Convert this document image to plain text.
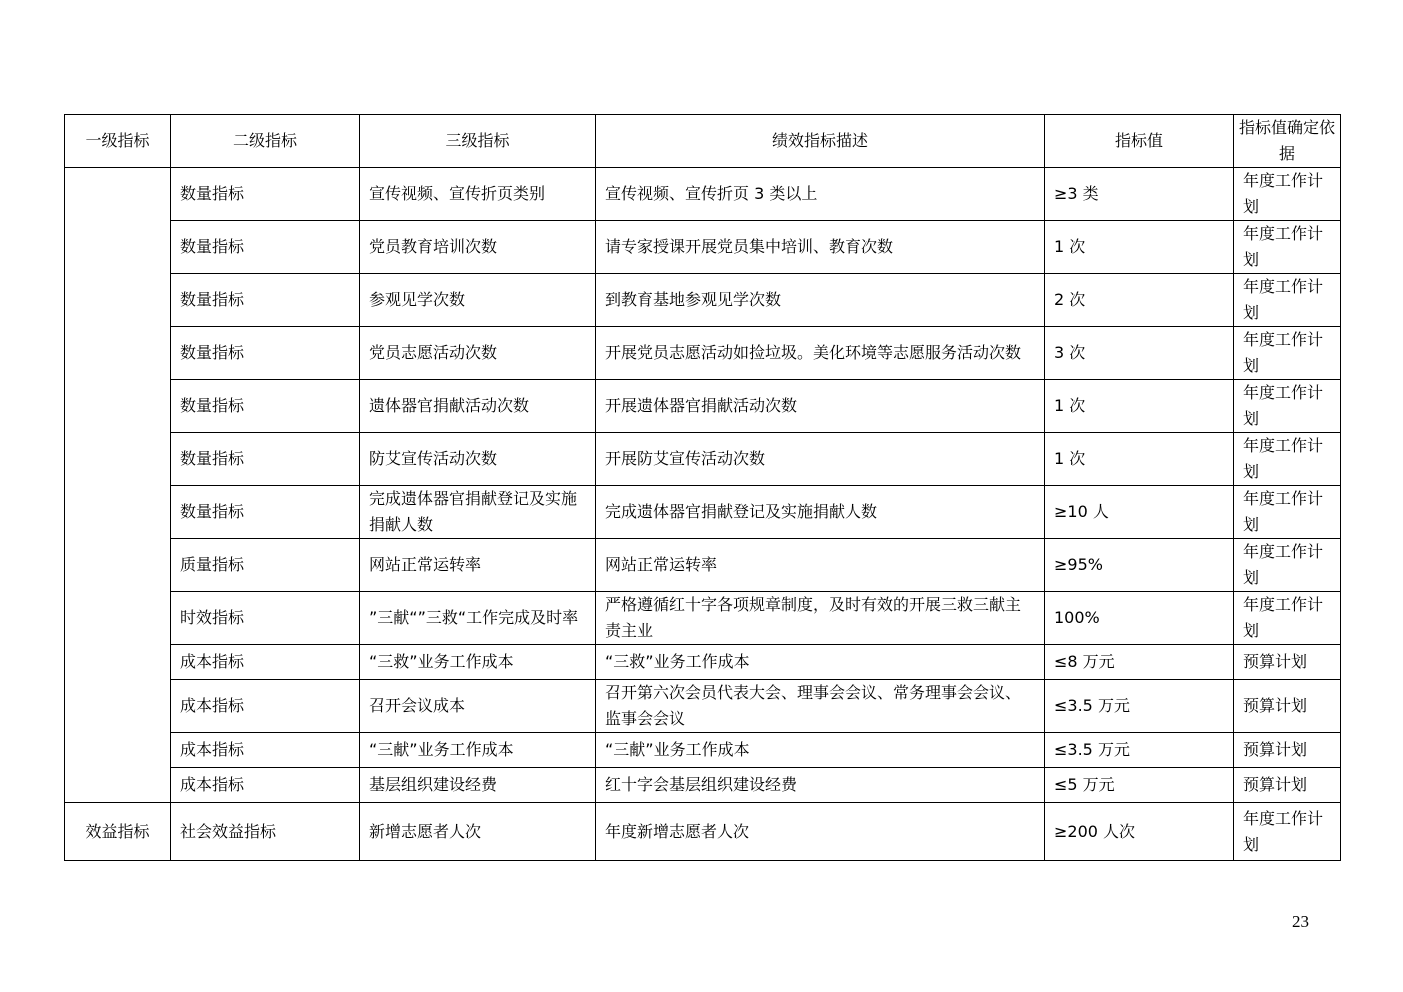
一级指标	二级指标	三级指标	绩效指标描述	指标值	指标值确定依据
	数量指标	宣传视频、宣传折页类别	宣传视频、宣传折页 3 类以上	≥3 类	年度工作计划
	数量指标	党员教育培训次数	请专家授课开展党员集中培训、教育次数	1 次	年度工作计划
	数量指标	参观见学次数	到教育基地参观见学次数	2 次	年度工作计划
	数量指标	党员志愿活动次数	开展党员志愿活动如捡垃圾。美化环境等志愿服务活动次数	3 次	年度工作计划
	数量指标	遗体器官捐献活动次数	开展遗体器官捐献活动次数	1 次	年度工作计划
	数量指标	防艾宣传活动次数	开展防艾宣传活动次数	1 次	年度工作计划
	数量指标	完成遗体器官捐献登记及实施捐献人数	完成遗体器官捐献登记及实施捐献人数	≥10 人	年度工作计划
	质量指标	网站正常运转率	网站正常运转率	≥95%	年度工作计划
	时效指标	”三献“”三救“工作完成及时率	严格遵循红十字各项规章制度，及时有效的开展三救三献主责主业	100%	年度工作计划
	成本指标	“三救”业务工作成本	“三救”业务工作成本	≤8 万元	预算计划
	成本指标	召开会议成本	召开第六次会员代表大会、理事会会议、常务理事会会议、监事会会议	≤3.5 万元	预算计划
	成本指标	“三献”业务工作成本	“三献”业务工作成本	≤3.5 万元	预算计划
	成本指标	基层组织建设经费	红十字会基层组织建设经费	≤5 万元	预算计划
效益指标	社会效益指标	新增志愿者人次	年度新增志愿者人次	≥200 人次	年度工作计划
23
